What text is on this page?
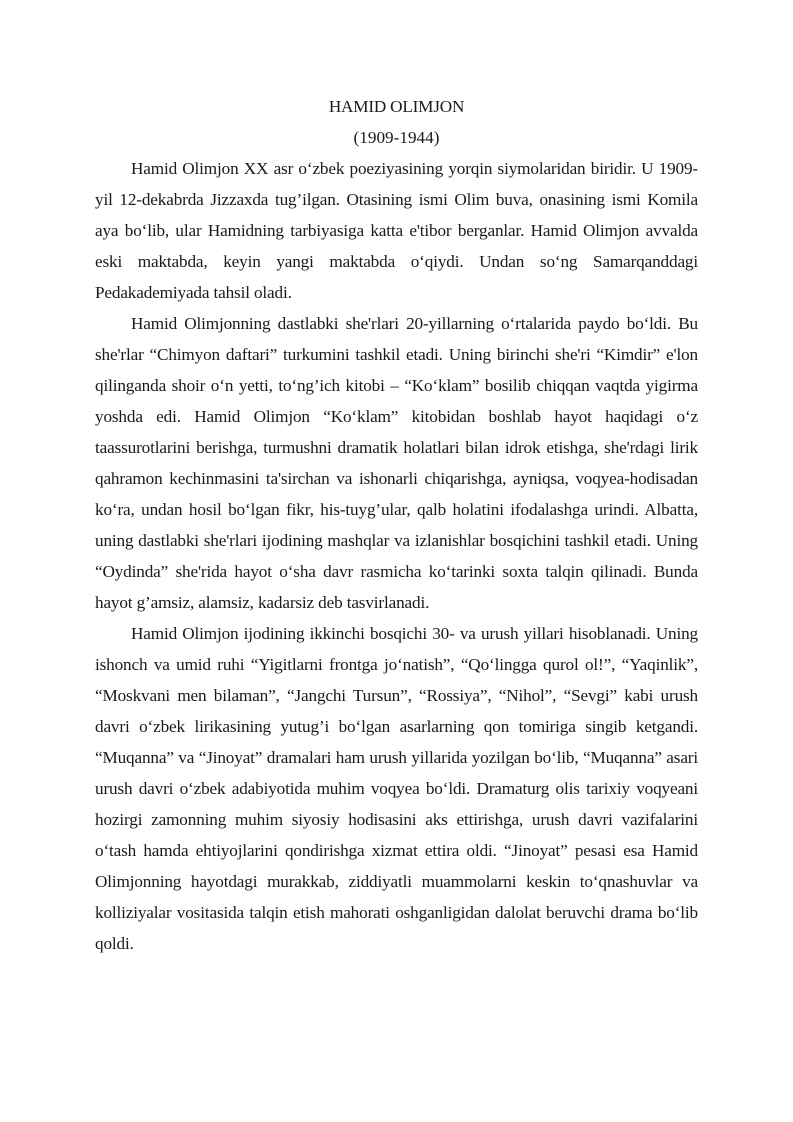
HAMID OLIMJON
(1909-1944)

Hamid Olimjon XX asr o‘zbek poeziyasining yorqin siymolaridan biridir. U 1909-yil 12-dekabrda Jizzaxda tug’ilgan. Otasining ismi Olim buva, onasining ismi Komila aya bo‘lib, ular Hamidning tarbiyasiga katta e'tibor berganlar. Hamid Olimjon avvalda eski maktabda, keyin yangi maktabda o‘qiydi. Undan so‘ng Samarqanddagi Pedakademiyada tahsil oladi.

Hamid Olimjonning dastlabki she'rlari 20-yillarning o‘rtalarida paydo bo‘ldi. Bu she'rlar “Chimyon daftari” turkumini tashkil etadi. Uning birinchi she'ri “Kimdir” e'lon qilinganda shoir o‘n yetti, to‘ng’ich kitobi – “Ko‘klam” bosilib chiqqan vaqtda yigirma yoshda edi. Hamid Olimjon “Ko‘klam” kitobidan boshlab hayot haqidagi o‘z taassurotlarini berishga, turmushni dramatik holatlari bilan idrok etishga, she'rdagi lirik qahramon kechinmasini ta'sirchan va ishonarli chiqarishga, ayniqsa, voqyea-hodisadan ko‘ra, undan hosil bo‘lgan fikr, his-tuyg’ular, qalb holatini ifodalashga urindi. Albatta, uning dastlabki she'rlari ijodining mashqlar va izlanishlar bosqichini tashkil etadi. Uning “Oydinda” she'rida hayot o‘sha davr rasmicha ko‘tarinki soxta talqin qilinadi. Bunda hayot g’amsiz, alamsiz, kadarsiz deb tasvirlanadi.

Hamid Olimjon ijodining ikkinchi bosqichi 30- va urush yillari hisoblanadi. Uning ishonch va umid ruhi “Yigitlarni frontga jo‘natish”, “Qo‘lingga qurol ol!”, “Yaqinlik”, “Moskvani men bilaman”, “Jangchi Tursun”, “Rossiya”, “Nihol”, “Sevgi” kabi urush davri o‘zbek lirikasining yutug’i bo‘lgan asarlarning qon tomiriga singib ketgandi. “Muqanna” va “Jinoyat” dramalari ham urush yillarida yozilgan bo‘lib, “Muqanna” asari urush davri o‘zbek adabiyotida muhim voqyea bo‘ldi. Dramaturg olis tarixiy voqyeani hozirgi zamonning muhim siyosiy hodisasini aks ettirishga, urush davri vazifalarini o‘tash hamda ehtiyojlarini qondirishga xizmat ettira oldi. “Jinoyat” pesasi esa Hamid Olimjonning hayotdagi murakkab, ziddiyatli muammolarni keskin to‘qnashuvlar va kolliziyalar vositasida talqin etish mahorati oshganligidan dalolat beruvchi drama bo‘lib qoldi.
